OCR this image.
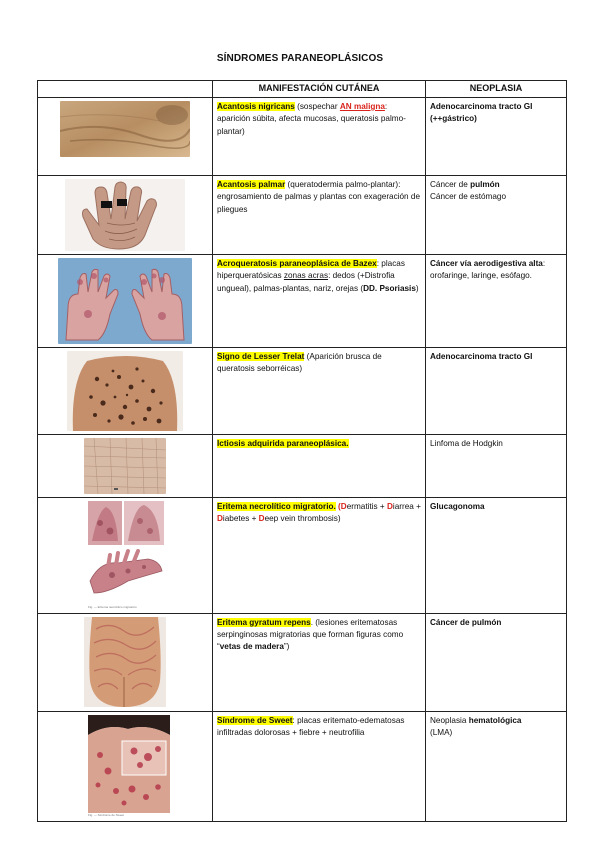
SÍNDROMES PARANEOPLÁSICOS
	MANIFESTACIÓN CUTÁNEA	NEOPLASIA

	Acantosis nigricans (sospechar AN maligna: aparición súbita, afecta mucosas, queratosis palmo-plantar)	Adenocarcinoma tracto GI
(++gástrico)

	Acantosis palmar (queratodermia palmo-plantar): engrosamiento de palmas y plantas con exageración de pliegues	Cáncer de pulmón
Cáncer de estómago

	Acroqueratosis paraneoplásica de Bazex: placas hiperqueratósicas zonas acras: dedos (+Distrofia ungueal), palmas-plantas, nariz, orejas (DD. Psoriasis)	Cáncer vía aerodigestiva alta: orofaringe, laringe, esófago.

	Signo de Lesser Trelat (Aparición brusca de queratosis seborréicas)	Adenocarcinoma tracto GI

	Ictiosis adquirida paraneoplásica.	Linfoma de Hodgkin

Fig. — Eritema necrolítico migratorio	Eritema necrolítico migratorio. (Dermatitis + Diarrea + Diabetes + Deep vein thrombosis)	Glucagonoma

	Eritema gyratum repens. (lesiones eritematosas serpinginosas migratorias que forman figuras como “vetas de madera”)	Cáncer de pulmón

Fig. — Síndrome de Sweet	Síndrome de Sweet: placas eritemato-edematosas infiltradas dolorosas + fiebre + neutrofilia	Neoplasia hematológica
(LMA)
